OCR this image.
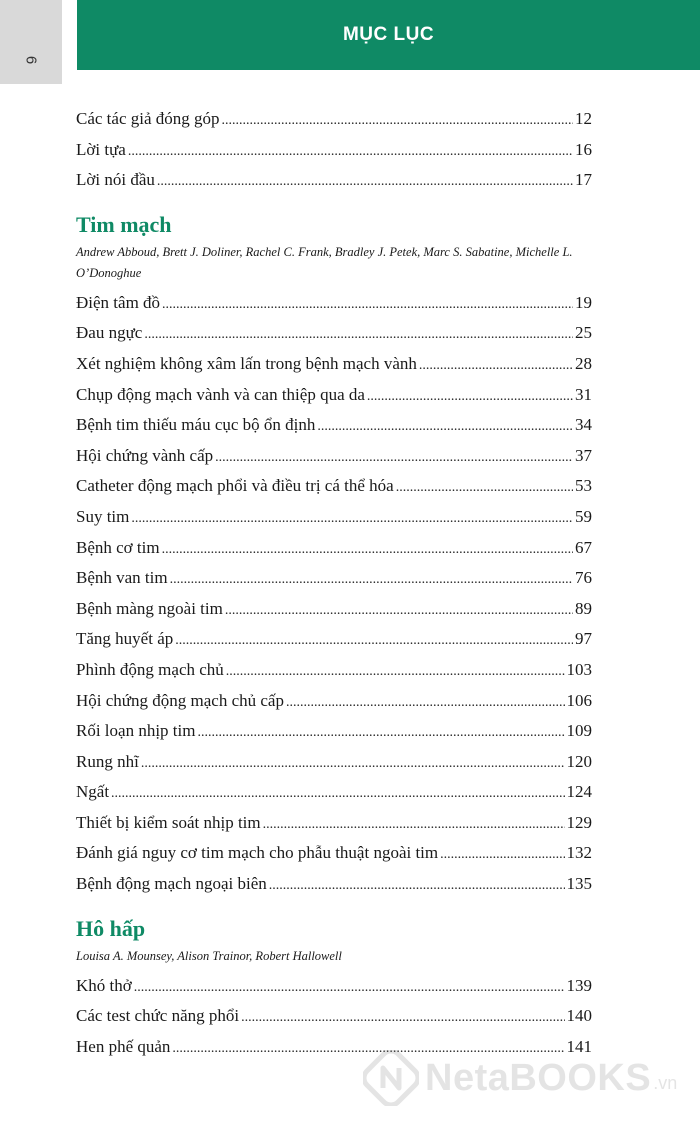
6
MỤC LỤC
Các tác giả đóng góp .....	12
Lời tựa .....	16
Lời nói đầu .....	17
Tim mạch
Andrew Abboud, Brett J. Doliner, Rachel C. Frank, Bradley J. Petek, Marc S. Sabatine, Michelle L. O’Donoghue
Điện tâm đồ .....	19
Đau ngực .....	25
Xét nghiệm không xâm lấn trong bệnh mạch vành .....	28
Chụp động mạch vành và can thiệp qua da .....	31
Bệnh tim thiếu máu cục bộ ổn định .....	34
Hội chứng vành cấp .....	37
Catheter động mạch phổi và điều trị cá thể hóa .....	53
Suy tim .....	59
Bệnh cơ tim .....	67
Bệnh van tim .....	76
Bệnh màng ngoài tim .....	89
Tăng huyết áp .....	97
Phình động mạch chủ .....	103
Hội chứng động mạch chủ cấp .....	106
Rối loạn nhịp tim .....	109
Rung nhĩ .....	120
Ngất .....	124
Thiết bị kiểm soát nhịp tim .....	129
Đánh giá nguy cơ tim mạch cho phẫu thuật ngoài tim .....	132
Bệnh động mạch ngoại biên .....	135
Hô hấp
Louisa A. Mounsey, Alison Trainor, Robert Hallowell
Khó thở .....	139
Các test chức năng phổi .....	140
Hen phế quản .....	141
NetaBOOKS .vn
